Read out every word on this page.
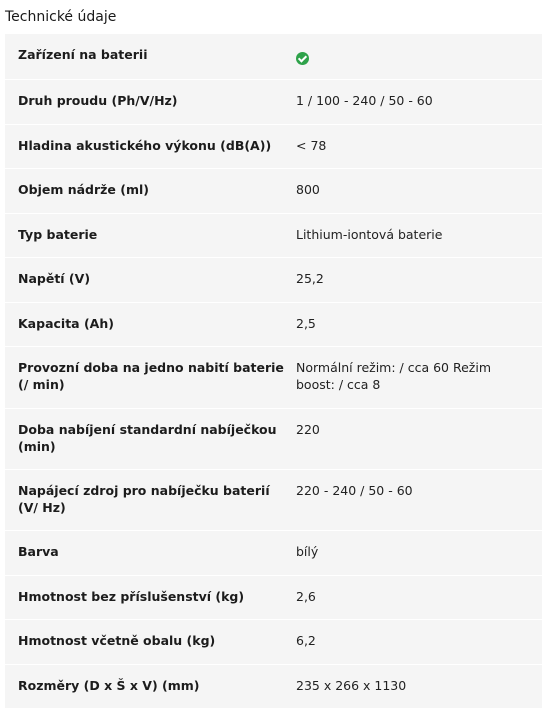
Technické údaje
Zařízení na baterii	
Druh proudu (Ph/V/Hz)	1 / 100 - 240 / 50 - 60
Hladina akustického výkonu (dB(A))	< 78
Objem nádrže (ml)	800
Typ baterie	Lithium-iontová baterie
Napětí (V)	25,2
Kapacita (Ah)	2,5
Provozní doba na jedno nabití baterie (/ min)	Normální režim: / cca 60 Režim boost: / cca 8
Doba nabíjení standardní nabíječkou (min)	220
Napájecí zdroj pro nabíječku baterií (V/ Hz)	220 - 240 / 50 - 60
Barva	bílý
Hmotnost bez příslušenství (kg)	2,6
Hmotnost včetně obalu (kg)	6,2
Rozměry (D x Š x V) (mm)	235 x 266 x 1130
